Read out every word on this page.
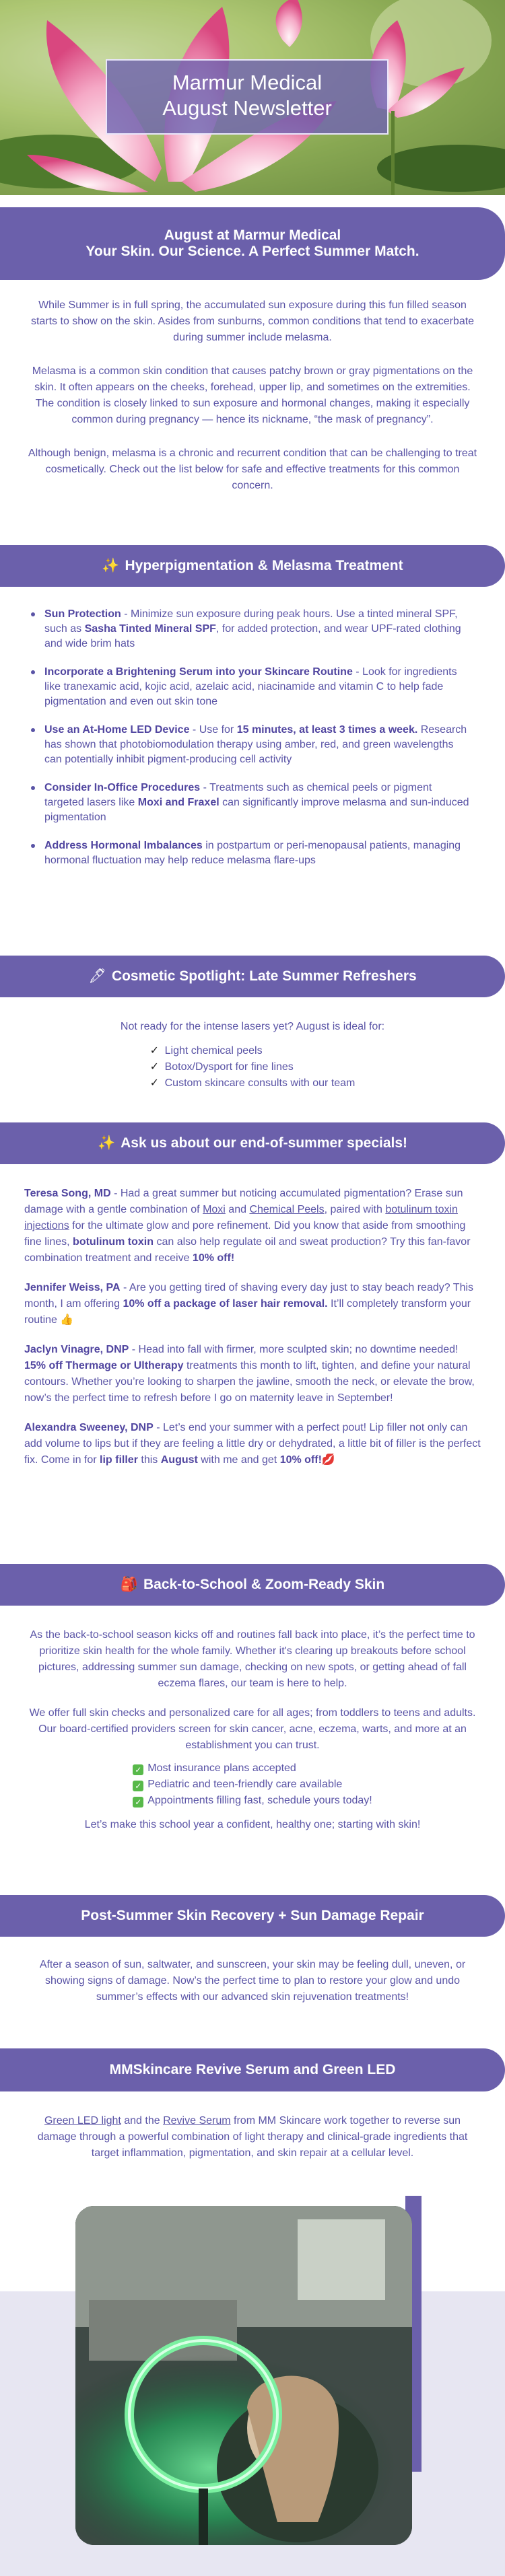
Marmur Medical
August Newsletter
August at Marmur Medical
Your Skin. Our Science. A Perfect Summer Match.

While Summer is in full spring, the accumulated sun exposure during this fun filled season starts to show on the skin. Asides from sunburns, common conditions that tend to exacerbate during summer include melasma.

Melasma is a common skin condition that causes patchy brown or gray pigmentations on the skin. It often appears on the cheeks, forehead, upper lip, and sometimes on the extremities. The condition is closely linked to sun exposure and hormonal changes, making it especially common during pregnancy — hence its nickname, “the mask of pregnancy”.

Although benign, melasma is a chronic and recurrent condition that can be challenging to treat cosmetically. Check out the list below for safe and effective treatments for this common concern.

✨ Hyperpigmentation & Melasma Treatment
Sun Protection - Minimize sun exposure during peak hours. Use a tinted mineral SPF, such as Sasha Tinted Mineral SPF, for added protection, and wear UPF-rated clothing and wide brim hats
Incorporate a Brightening Serum into your Skincare Routine - Look for ingredients like tranexamic acid, kojic acid, azelaic acid, niacinamide and vitamin C to help fade pigmentation and even out skin tone
Use an At-Home LED Device - Use for 15 minutes, at least 3 times a week. Research has shown that photobiomodulation therapy using amber, red, and green wavelengths can potentially inhibit pigment-producing cell activity
Consider In-Office Procedures - Treatments such as chemical peels or pigment targeted lasers like Moxi and Fraxel can significantly improve melasma and sun-induced pigmentation
Address Hormonal Imbalances in postpartum or peri-menopausal patients, managing hormonal fluctuation may help reduce melasma flare-ups
🖋 Cosmetic Spotlight: Late Summer Refreshers

Not ready for the intense lasers yet? August is ideal for:

✓ Light chemical peels
✓ Botox/Dysport for fine lines
✓ Custom skincare consults with our team
✨ Ask us about our end-of-summer specials!

Teresa Song, MD - Had a great summer but noticing accumulated pigmentation? Erase sun damage with a gentle combination of Moxi and Chemical Peels, paired with botulinum toxin injections for the ultimate glow and pore refinement. Did you know that aside from smoothing fine lines, botulinum toxin can also help regulate oil and sweat production? Try this fan-favor combination treatment and receive 10% off!

Jennifer Weiss, PA - Are you getting tired of shaving every day just to stay beach ready? This month, I am offering 10% off a package of laser hair removal. It’ll completely transform your routine 👍

Jaclyn Vinagre, DNP - Head into fall with firmer, more sculpted skin; no downtime needed! 15% off Thermage or Ultherapy treatments this month to lift, tighten, and define your natural contours. Whether you’re looking to sharpen the jawline, smooth the neck, or elevate the brow, now’s the perfect time to refresh before I go on maternity leave in September!

Alexandra Sweeney, DNP - Let’s end your summer with a perfect pout! Lip filler not only can add volume to lips but if they are feeling a little dry or dehydrated, a little bit of filler is the perfect fix. Come in for lip filler this August with me and get 10% off!💋

🎒 Back-to-School & Zoom-Ready Skin

As the back-to-school season kicks off and routines fall back into place, it’s the perfect time to prioritize skin health for the whole family. Whether it's clearing up breakouts before school pictures, addressing summer sun damage, checking on new spots, or getting ahead of fall eczema flares, our team is here to help.

We offer full skin checks and personalized care for all ages; from toddlers to teens and adults. Our board-certified providers screen for skin cancer, acne, eczema, warts, and more at an establishment you can trust.

✓ Most insurance plans accepted
✓ Pediatric and teen-friendly care available
✓ Appointments filling fast, schedule yours today!

Let’s make this school year a confident, healthy one; starting with skin!

Post-Summer Skin Recovery + Sun Damage Repair

After a season of sun, saltwater, and sunscreen, your skin may be feeling dull, uneven, or showing signs of damage. Now’s the perfect time to plan to restore your glow and undo summer’s effects with our advanced skin rejuvenation treatments!

MMSkincare Revive Serum and Green LED

Green LED light and the Revive Serum from MM Skincare work together to reverse sun damage through a powerful combination of light therapy and clinical-grade ingredients that target inflammation, pigmentation, and skin repair at a cellular level.
